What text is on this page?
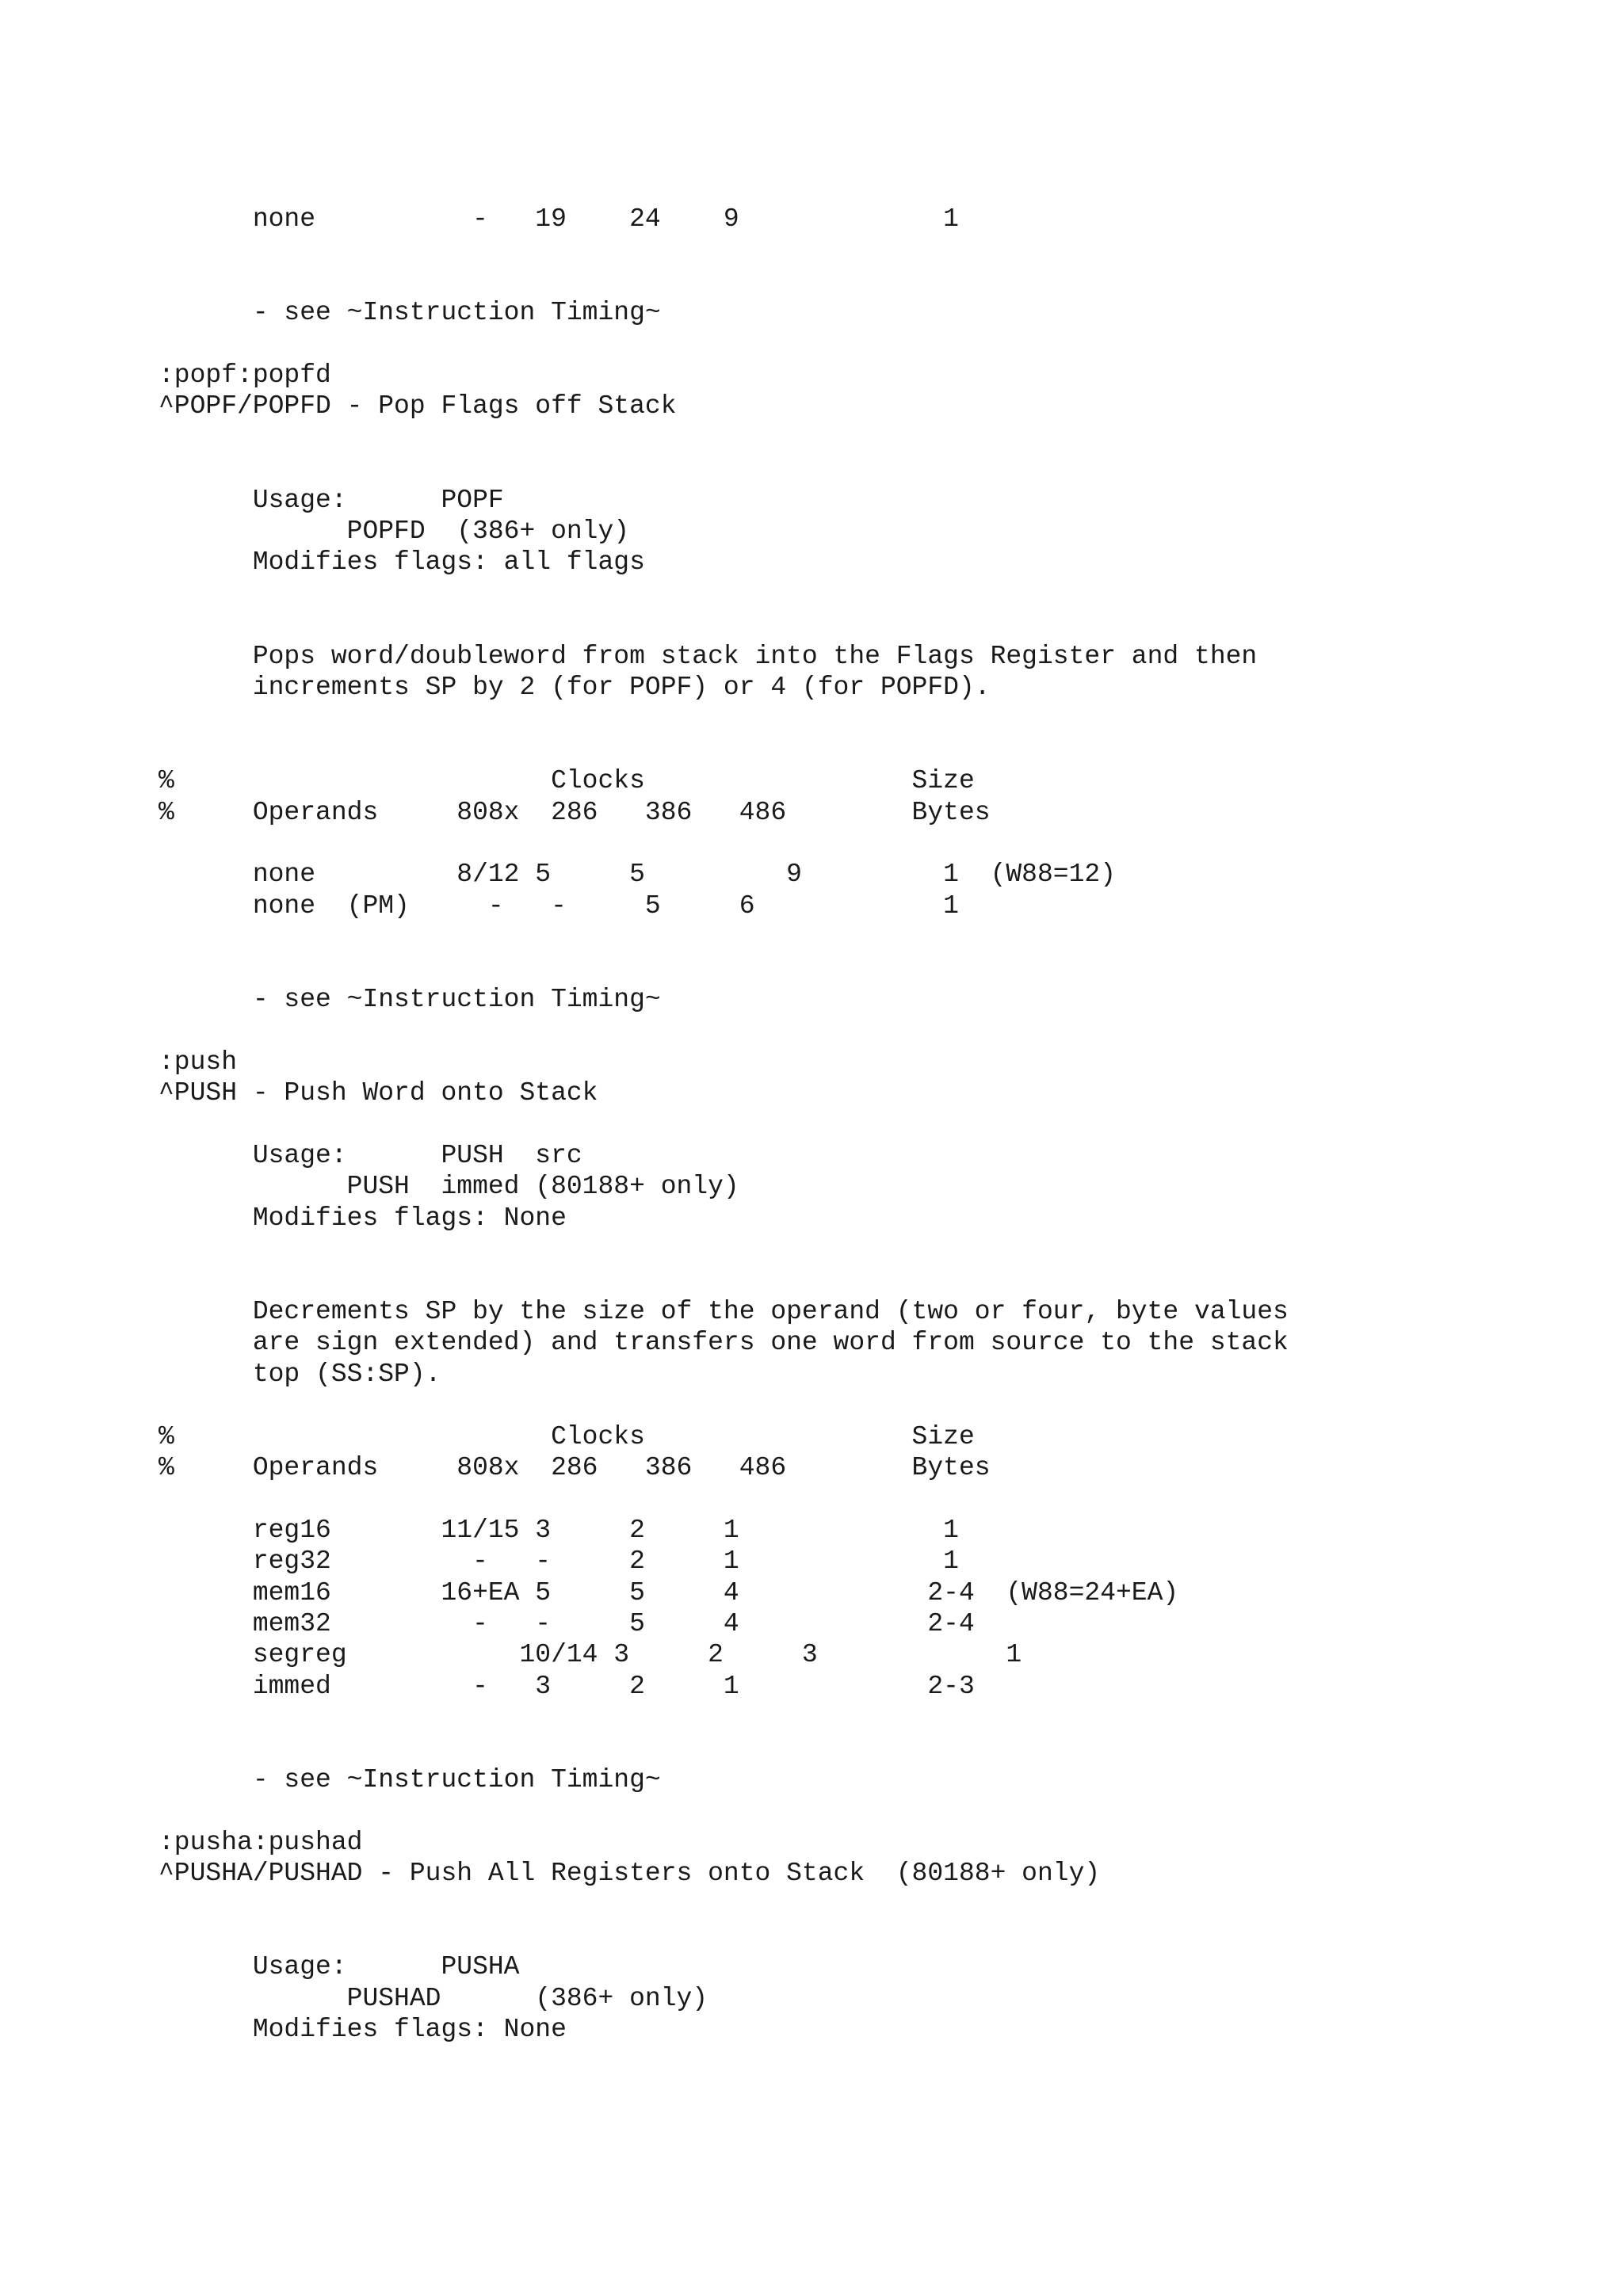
none          -   19    24    9             1

- see ~Instruction Timing~

:popf:popfd

^POPF/POPFD - Pop Flags off Stack

Usage:      POPF

POPFD  (386+ only)

Modifies flags: all flags

Pops word/doubleword from stack into the Flags Register and then

increments SP by 2 (for POPF) or 4 (for POPFD).

%                        Clocks                 Size

%     Operands     808x  286   386   486        Bytes

none         8/12 5     5         9         1  (W88=12)

none  (PM)     -   -     5     6            1

- see ~Instruction Timing~

:push

^PUSH - Push Word onto Stack

Usage:      PUSH  src

PUSH  immed (80188+ only)

Modifies flags: None

Decrements SP by the size of the operand (two or four, byte values

are sign extended) and transfers one word from source to the stack

top (SS:SP).

%                        Clocks                 Size

%     Operands     808x  286   386   486        Bytes

reg16       11/15 3     2     1             1

reg32         -   -     2     1             1

mem16       16+EA 5     5     4            2-4  (W88=24+EA)

mem32         -   -     5     4            2-4

segreg           10/14 3     2     3            1

immed         -   3     2     1            2-3

- see ~Instruction Timing~

:pusha:pushad

^PUSHA/PUSHAD - Push All Registers onto Stack  (80188+ only)

Usage:      PUSHA

PUSHAD      (386+ only)

Modifies flags: None
